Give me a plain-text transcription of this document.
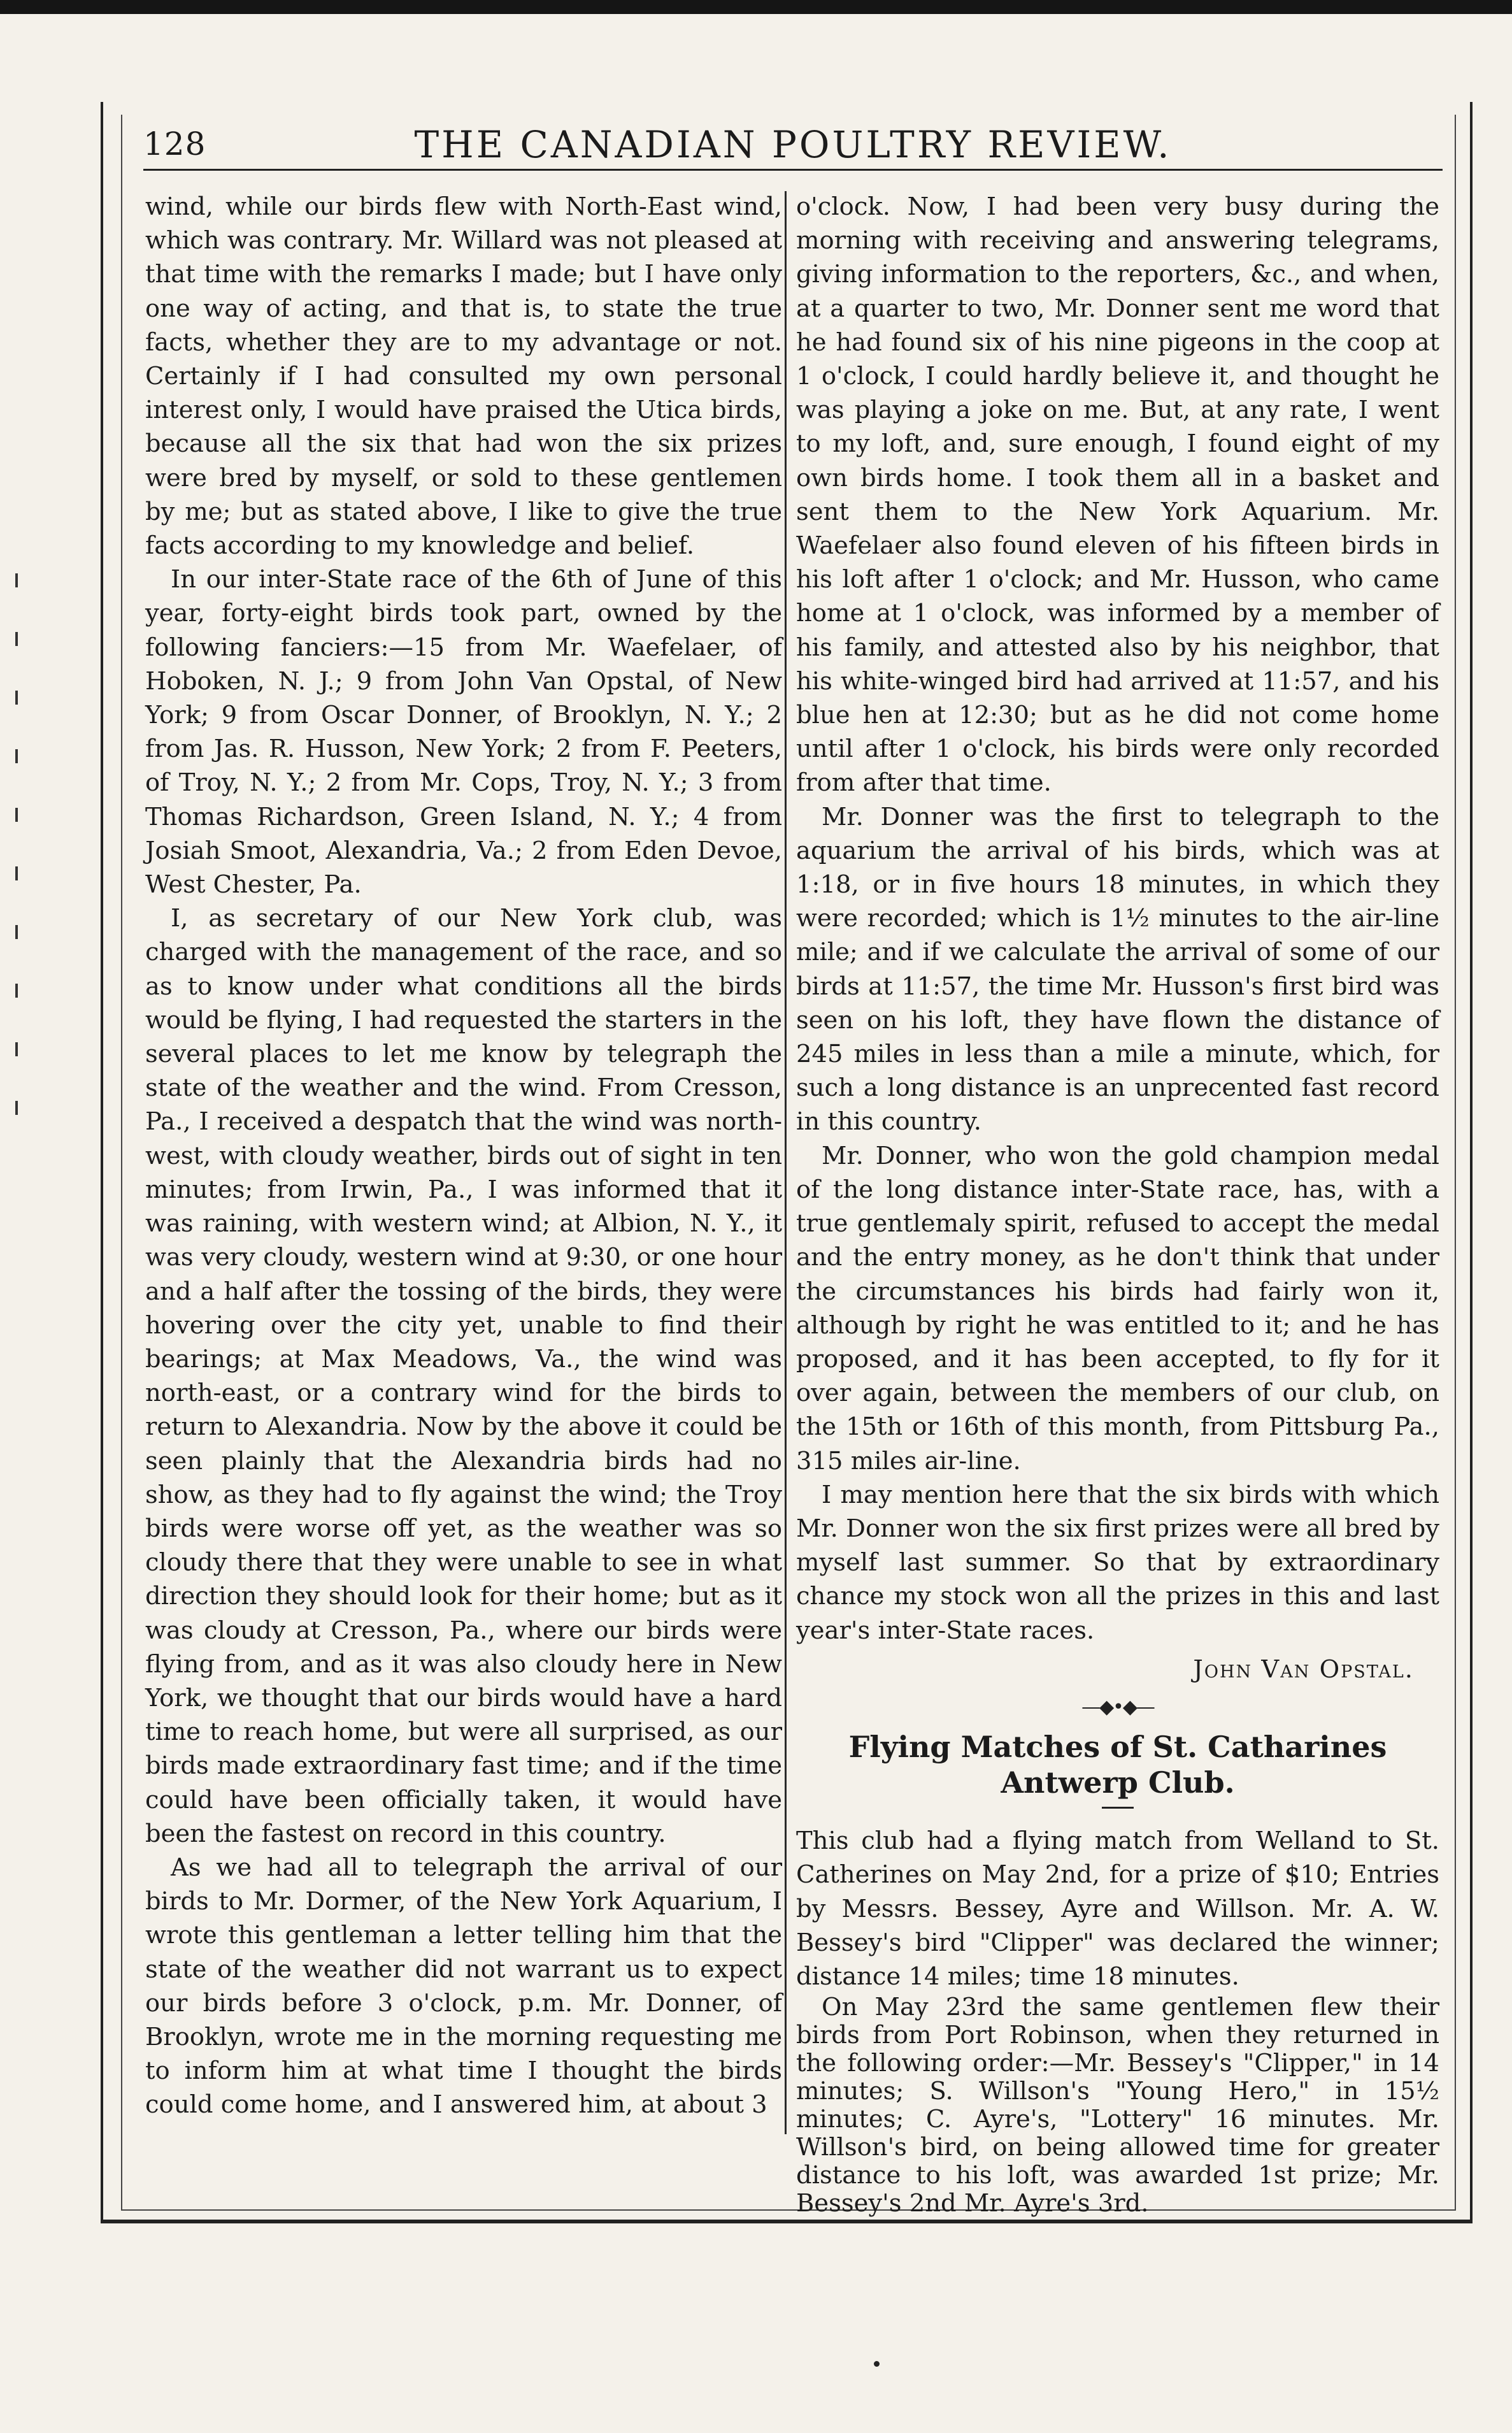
128	THE CANADIAN POULTRY REVIEW.

wind, while our birds flew with North-East wind, which was contrary. Mr. Willard was not pleased at that time with the remarks I made; but I have only one way of acting, and that is, to state the true facts, whether they are to my advantage or not. Certainly if I had consulted my own personal interest only, I would have praised the Utica birds, because all the six that had won the six prizes were bred by myself, or sold to these gentlemen by me; but as stated above, I like to give the true facts according to my knowledge and belief.

In our inter-State race of the 6th of June of this year, forty-eight birds took part, owned by the following fanciers:—15 from Mr. Waefelaer, of Hoboken, N. J.; 9 from John Van Opstal, of New York; 9 from Oscar Donner, of Brooklyn, N. Y.; 2 from Jas. R. Husson, New York; 2 from F. Peeters, of Troy, N. Y.; 2 from Mr. Cops, Troy, N. Y.; 3 from Thomas Richardson, Green Island, N. Y.; 4 from Josiah Smoot, Alexandria, Va.; 2 from Eden Devoe, West Chester, Pa.

I, as secretary of our New York club, was charged with the management of the race, and so as to know under what conditions all the birds would be flying, I had requested the starters in the several places to let me know by telegraph the state of the weather and the wind. From Cresson, Pa., I received a despatch that the wind was north-west, with cloudy weather, birds out of sight in ten minutes; from Irwin, Pa., I was informed that it was raining, with western wind; at Albion, N. Y., it was very cloudy, western wind at 9:30, or one hour and a half after the tossing of the birds, they were hovering over the city yet, unable to find their bearings; at Max Meadows, Va., the wind was north-east, or a contrary wind for the birds to return to Alexandria. Now by the above it could be seen plainly that the Alexandria birds had no show, as they had to fly against the wind; the Troy birds were worse off yet, as the weather was so cloudy there that they were unable to see in what direction they should look for their home; but as it was cloudy at Cresson, Pa., where our birds were flying from, and as it was also cloudy here in New York, we thought that our birds would have a hard time to reach home, but were all surprised, as our birds made extraordinary fast time; and if the time could have been officially taken, it would have been the fastest on record in this country.

As we had all to telegraph the arrival of our birds to Mr. Dormer, of the New York Aquarium, I wrote this gentleman a letter telling him that the state of the weather did not warrant us to expect our birds before 3 o'clock, p.m. Mr. Donner, of Brooklyn, wrote me in the morning requesting me to inform him at what time I thought the birds could come home, and I answered him, at about 3

o'clock. Now, I had been very busy during the morning with receiving and answering telegrams, giving information to the reporters, &c., and when, at a quarter to two, Mr. Donner sent me word that he had found six of his nine pigeons in the coop at 1 o'clock, I could hardly believe it, and thought he was playing a joke on me. But, at any rate, I went to my loft, and, sure enough, I found eight of my own birds home. I took them all in a basket and sent them to the New York Aquarium. Mr. Waefelaer also found eleven of his fifteen birds in his loft after 1 o'clock; and Mr. Husson, who came home at 1 o'clock, was informed by a member of his family, and attested also by his neighbor, that his white-winged bird had arrived at 11:57, and his blue hen at 12:30; but as he did not come home until after 1 o'clock, his birds were only recorded from after that time.

Mr. Donner was the first to telegraph to the aquarium the arrival of his birds, which was at 1:18, or in five hours 18 minutes, in which they were recorded; which is 1½ minutes to the air-line mile; and if we calculate the arrival of some of our birds at 11:57, the time Mr. Husson's first bird was seen on his loft, they have flown the distance of 245 miles in less than a mile a minute, which, for such a long distance is an unprecented fast record in this country.

Mr. Donner, who won the gold champion medal of the long distance inter-State race, has, with a true gentlemaly spirit, refused to accept the medal and the entry money, as he don't think that under the circumstances his birds had fairly won it, although by right he was entitled to it; and he has proposed, and it has been accepted, to fly for it over again, between the members of our club, on the 15th or 16th of this month, from Pittsburg Pa., 315 miles air-line.

I may mention here that the six birds with which Mr. Donner won the six first prizes were all bred by myself last summer. So that by extraordinary chance my stock won all the prizes in this and last year's inter-State races.

John Van Opstal.
—◆•◆—
Flying Matches of St. Catharines Antwerp Club.

This club had a flying match from Welland to St. Catherines on May 2nd, for a prize of $10; Entries by Messrs. Bessey, Ayre and Willson. Mr. A. W. Bessey's bird "Clipper" was declared the winner; distance 14 miles; time 18 minutes.

On May 23rd the same gentlemen flew their birds from Port Robinson, when they returned in the following order:—Mr. Bessey's "Clipper," in 14 minutes; S. Willson's "Young Hero," in 15½ minutes; C. Ayre's, "Lottery" 16 minutes. Mr. Willson's bird, on being allowed time for greater distance to his loft, was awarded 1st prize; Mr. Bessey's 2nd Mr. Ayre's 3rd.
